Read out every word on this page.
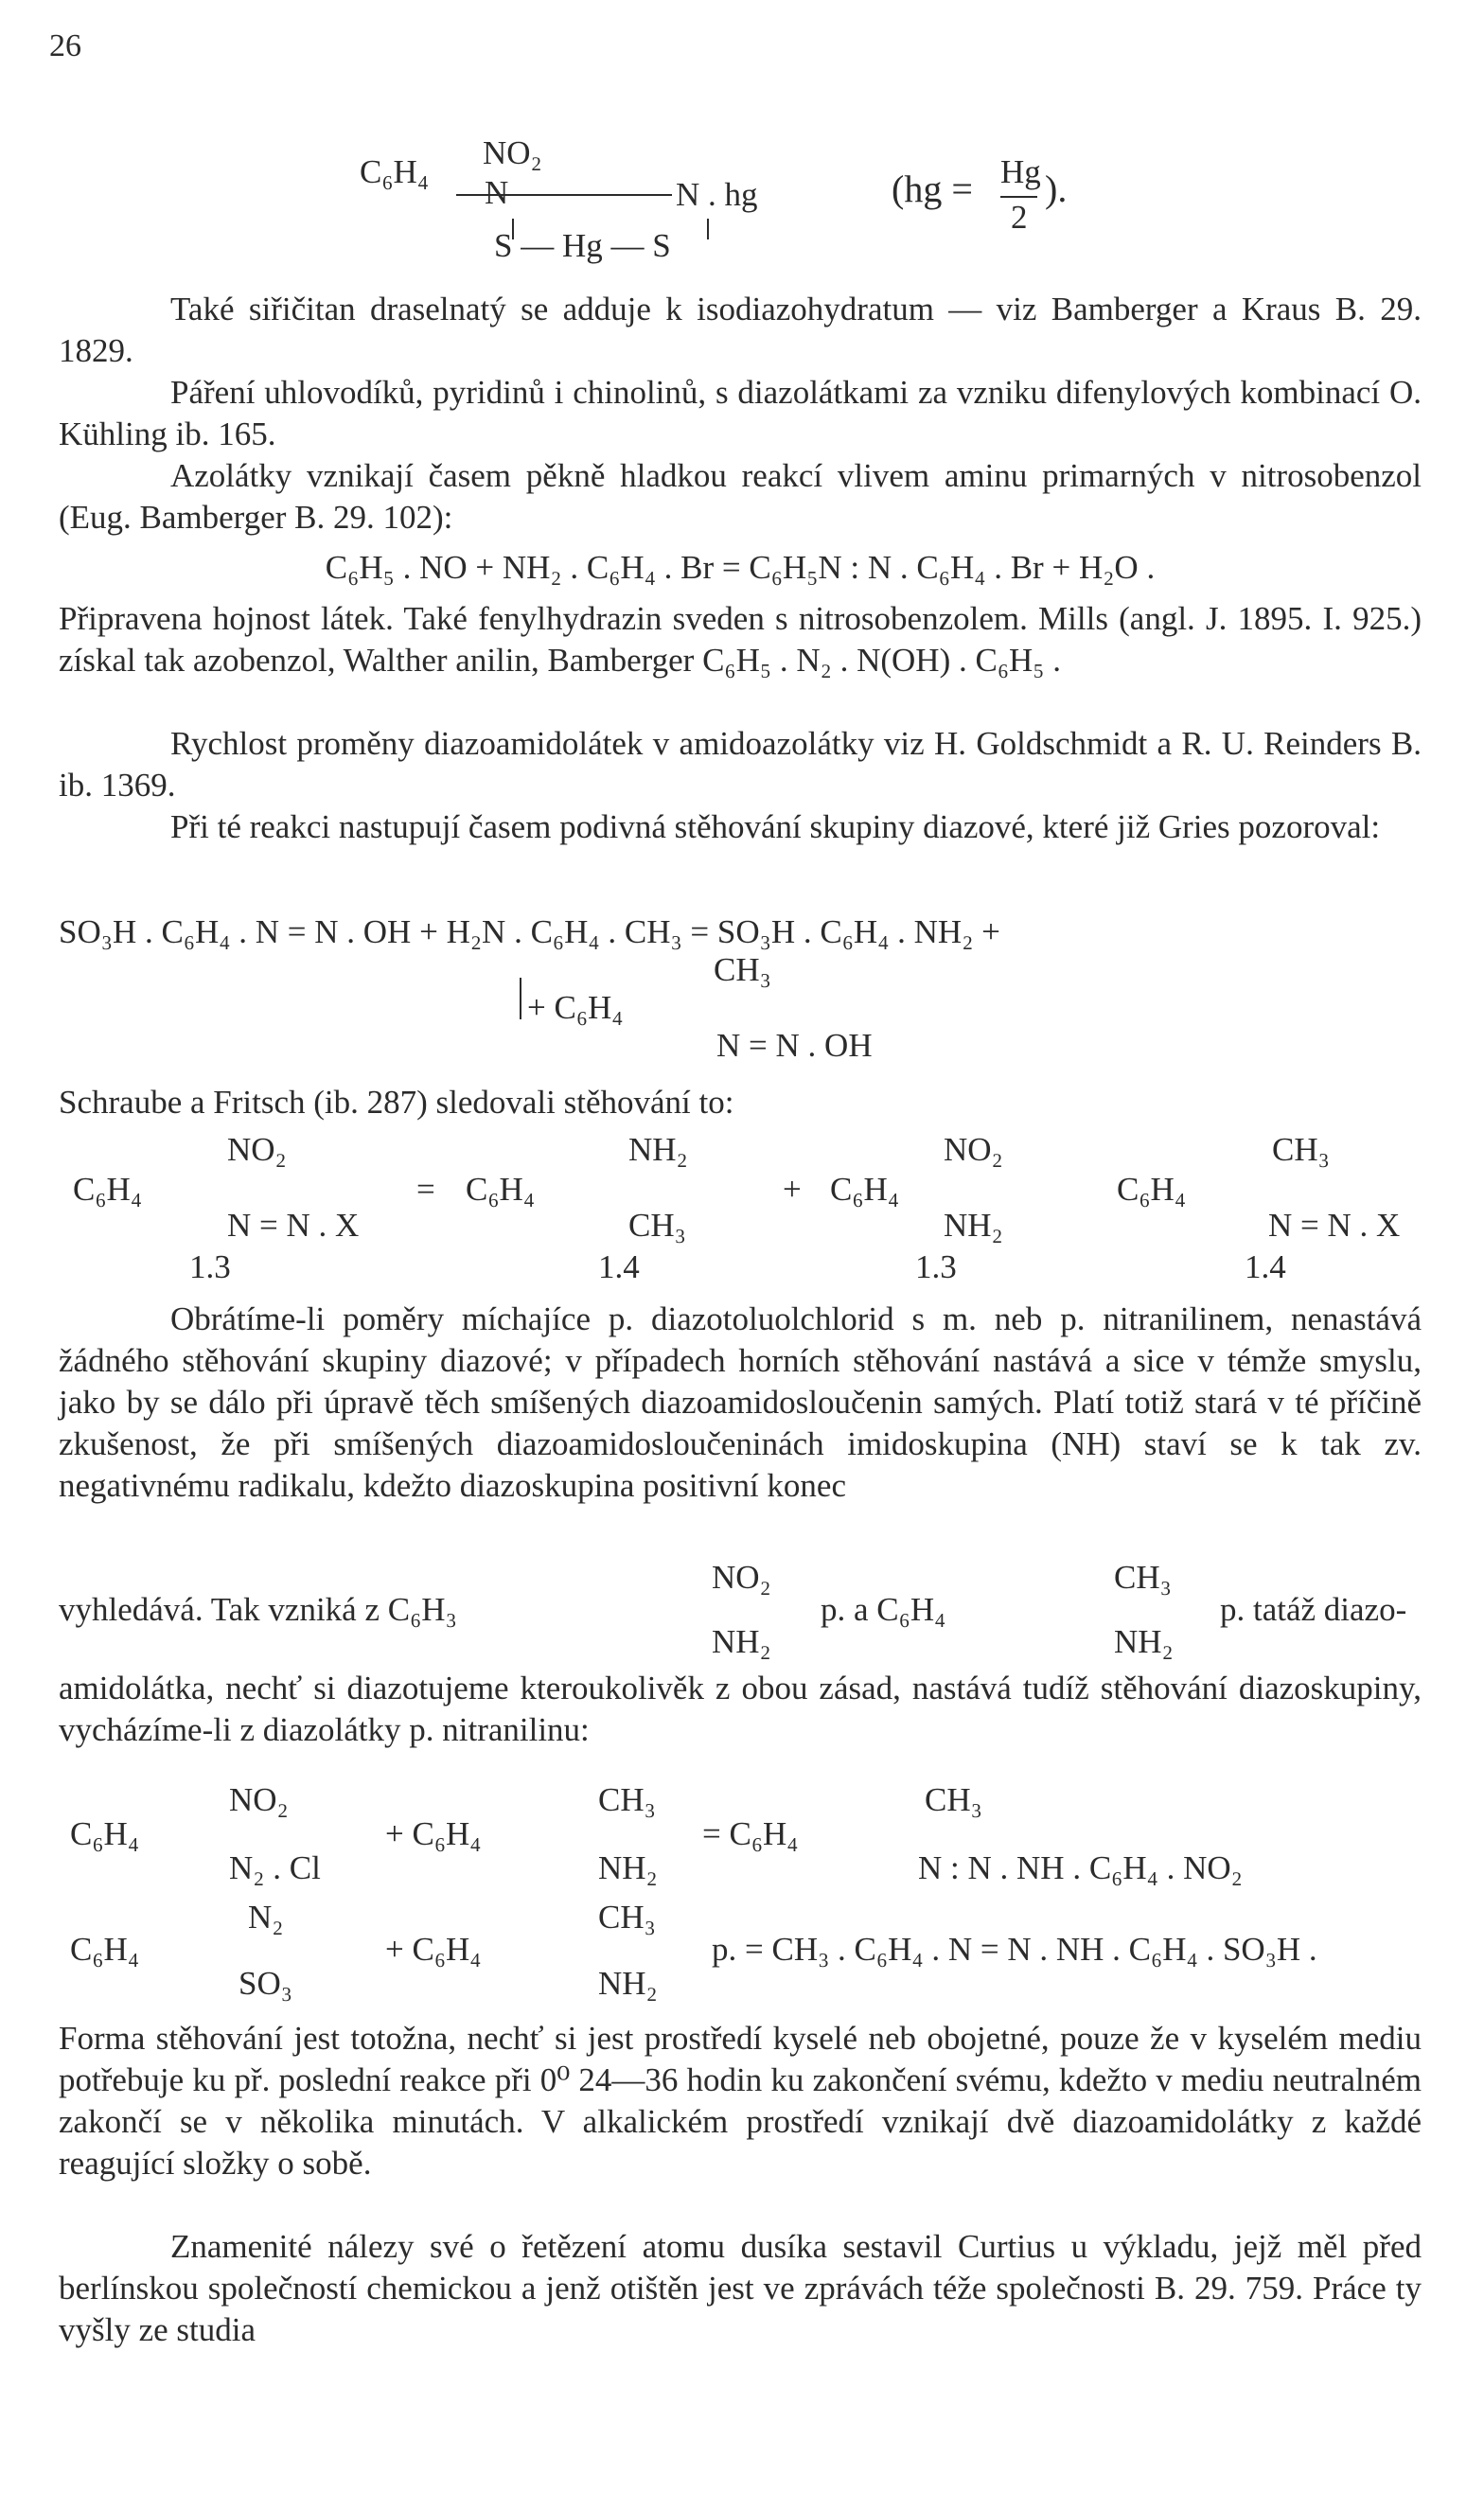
26
C₆H₄
NO₂
N	N . hg	(hg = Hg
2
).
S — Hg — S
Také siřičitan draselnatý se adduje k isodiazohydratum — viz Bamberger a Kraus B. 29. 1829.
Páření uhlovodíků, pyridinů i chinolinů, s diazolátkami za vzniku difenylových kombinací O. Kühling ib. 165.
Azolátky vznikají časem pěkně hladkou reakcí vlivem aminu primarných v nitrosobenzol (Eug. Bamberger B. 29. 102):
C₆H₅ . NO + NH₂ . C₆H₄ . Br = C₆H₅N : N . C₆H₄ . Br + H₂O .
Připravena hojnost látek. Také fenylhydrazin sveden s nitrosobenzolem. Mills (angl. J. 1895. I. 925.) získal tak azobenzol, Walther anilin, Bamberger C₆H₅ . N₂ . N(OH) . C₆H₅ .
Rychlost proměny diazoamidolátek v amidoazolátky viz H. Goldschmidt a R. U. Reinders B. ib. 1369.
Při té reakci nastupují časem podivná stěhování skupiny diazové, které již Gries pozoroval:
SO₃H . C₆H₄ . N = N . OH + H₂N . C₆H₄ . CH₃ = SO₃H . C₆H₄ . NH₂ +
CH₃
+ C₆H₄
N = N . OH
Schraube a Fritsch (ib. 287) sledovali stěhování to:
C₆H₄
NO₂
N = N . X
1.3
= C₆H₄
NH₂
CH₃
1.4
+ C₆H₄
NO₂
NH₂
1.3
C₆H₄
CH₃
N = N . X
1.4
Obrátíme-li poměry míchajíce p. diazotoluolchlorid s m. neb p. nitranilinem, nenastává žádného stěhování skupiny diazové; v případech horních stěhování nastává a sice v témže smyslu, jako by se dálo při úpravě těch smíšených diazoamidosloučenin samých. Platí totiž stará v té příčině zkušenost, že při smíšených diazoamidosloučeninách imidoskupina (NH) staví se k tak zv. negativnému radikalu, kdežto diazoskupina positivní konec
vyhledává. Tak vzniká z C₆H₃
NO₂
NH₂
p. a C₆H₄
CH₃
NH₂
p. tatáž diazo-
amidolátka, nechť si diazotujeme kteroukolivěk z obou zásad, nastává tudíž stěhování diazoskupiny, vycházíme-li z diazolátky p. nitranilinu:
C₆H₄
NO₂
N₂ . Cl
+ C₆H₄
CH₃
NH₂
= C₆H₄
CH₃
N : N . NH . C₆H₄ . NO₂
C₆H₄
N₂
SO₃
+ C₆H₄
CH₃
NH₂
p. = CH₃ . C₆H₄ . N = N . NH . C₆H₄ . SO₃H .
Forma stěhování jest totožna, nechť si jest prostředí kyselé neb obojetné, pouze že v kyselém mediu potřebuje ku př. poslední reakce při 0⁰ 24—36 hodin ku zakončení svému, kdežto v mediu neutralném zakončí se v několika minutách. V alkalickém prostředí vznikají dvě diazoamidolátky z každé reagující složky o sobě.
Znamenité nálezy své o řetězení atomu dusíka sestavil Curtius u výkladu, jejž měl před berlínskou společností chemickou a jenž otištěn jest ve zprávách téže společnosti B. 29. 759. Práce ty vyšly ze studia
